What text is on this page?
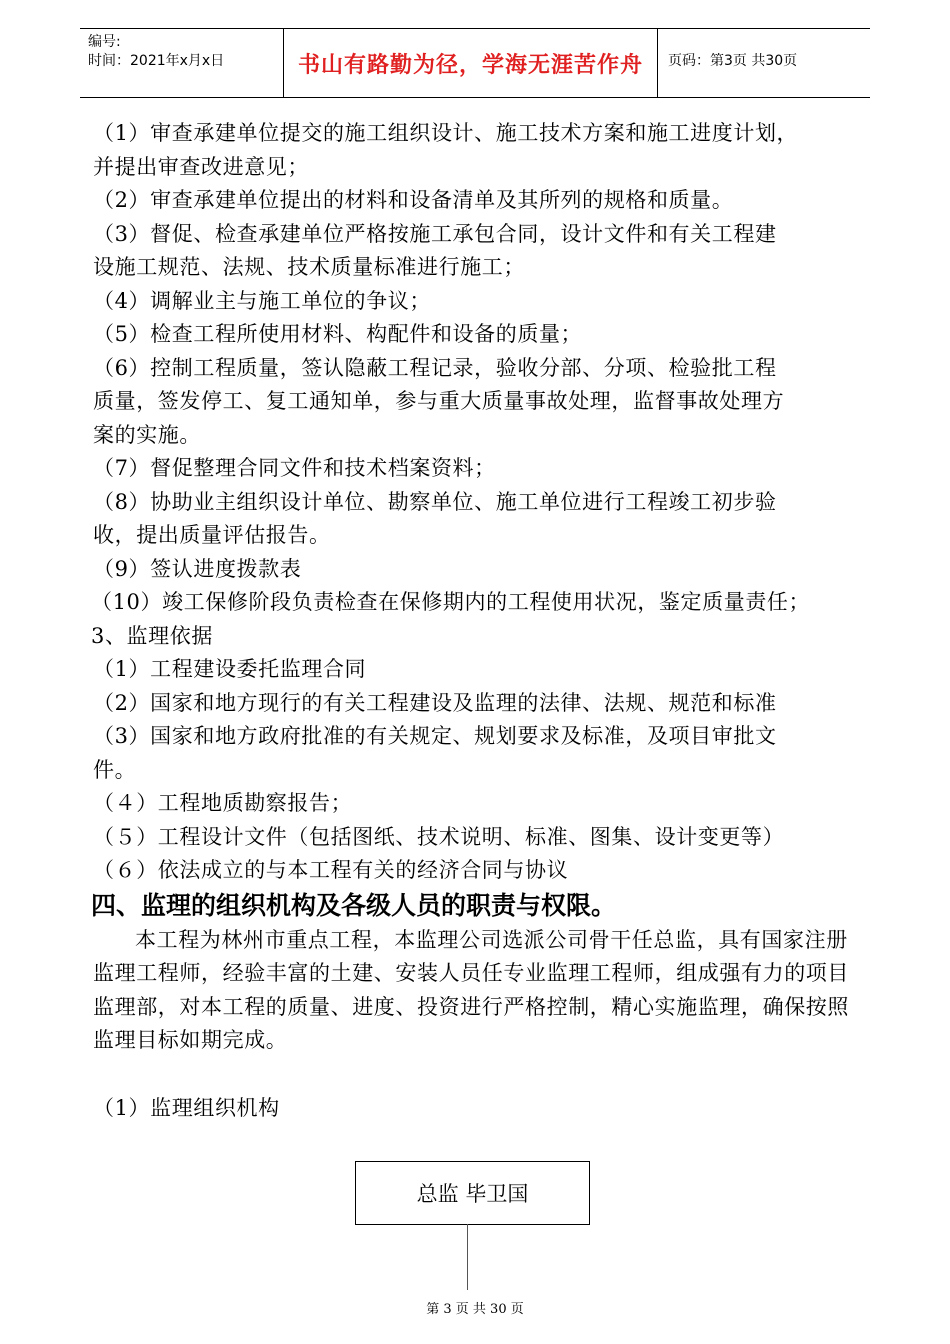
编号:
时间：2021年x月x日	书山有路勤为径，学海无涯苦作舟	页码：第3页 共30页
（1）审查承建单位提交的施工组织设计、施工技术方案和施工进度计划，
并提出审查改进意见；
（2）审查承建单位提出的材料和设备清单及其所列的规格和质量。
（3）督促、检查承建单位严格按施工承包合同，设计文件和有关工程建
设施工规范、法规、技术质量标准进行施工；
（4）调解业主与施工单位的争议；
（5）检查工程所使用材料、构配件和设备的质量；
（6）控制工程质量，签认隐蔽工程记录，验收分部、分项、检验批工程
质量，签发停工、复工通知单，参与重大质量事故处理，监督事故处理方
案的实施。
（7）督促整理合同文件和技术档案资料；
（8）协助业主组织设计单位、勘察单位、施工单位进行工程竣工初步验
收，提出质量评估报告。
（9）签认进度拨款表
（10）竣工保修阶段负责检查在保修期内的工程使用状况，鉴定质量责任；
3、监理依据
（1）工程建设委托监理合同
（2）国家和地方现行的有关工程建设及监理的法律、法规、规范和标准
（3）国家和地方政府批准的有关规定、规划要求及标准，及项目审批文
件。
（４）工程地质勘察报告；
（５）工程设计文件（包括图纸、技术说明、标准、图集、设计变更等）
（６）依法成立的与本工程有关的经济合同与协议
四、监理的组织机构及各级人员的职责与权限。
本工程为林州市重点工程，本监理公司选派公司骨干任总监，具有国家注册监理工程师，经验丰富的土建、安装人员任专业监理工程师，组成强有力的项目监理部，对本工程的质量、进度、投资进行严格控制，精心实施监理，确保按照监理目标如期完成。
（1）监理组织机构
总监 毕卫国
第 3 页 共 30 页
